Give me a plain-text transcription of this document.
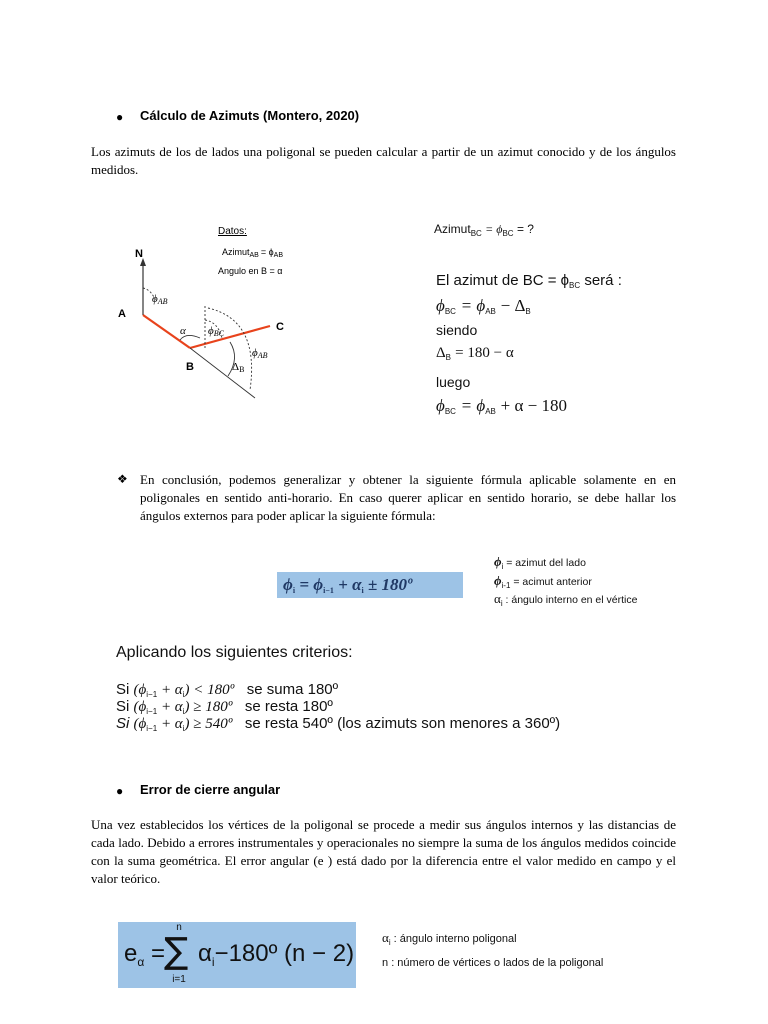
● Cálculo de Azimuts (Montero, 2020)
Los azimuts de los de lados una poligonal se pueden calcular a partir de un azimut conocido y de los ángulos medidos.
N
A
B
C
ϕAB
α ϕBC
ϕAB
ΔB
Datos:
Azimut$_{AB}$ = $\phi_{AB}$
Angulo en B = α
Azimut$_{BC}$ = $\phi_{BC}$ = ?
El azimut de BC = $\phi_{BC}$ será :
$\phi_{BC} = \phi_{AB} - \Delta_B$
siendo
$\Delta_B = 180 - \alpha$
luego
$\phi_{BC} = \phi_{AB} + \alpha - 180$
❖ En conclusión, podemos generalizar y obtener la siguiente fórmula aplicable solamente en en poligonales en sentido anti-horario. En caso querer aplicar en sentido horario, se debe hallar los ángulos externos para poder aplicar la siguiente fórmula:
$\phi_i = \phi_{i-1} + \alpha_i$ ± 180º
$\phi_i$ = azimut del lado
$\phi_{i-1}$ = acimut anterior
$\alpha_i$ : ángulo interno en el vértice
Aplicando los siguientes criterios:
Si $(\phi_{i-1} + \alpha_i)$ < 180º se suma 180º
Si $(\phi_{i-1} + \alpha_i)$ ≥ 180º se resta 180º
Si $(\phi_{i-1} + \alpha_i)$ ≥ 540º se resta 540º (los azimuts son menores a 360º)
● Error de cierre angular
Una vez establecidos los vértices de la poligonal se procede a medir sus ángulos internos y las distancias de cada lado. Debido a errores instrumentales y operacionales no siempre la suma de los ángulos medidos coincide con la suma geométrica. El error angular (e ) está dado por la diferencia entre el valor medido en campo y el valor teórico.
$e_\alpha$ =
n
∑
i=1
$\alpha_i-180º$ (n − 2)
$\alpha_i$ : ángulo interno poligonal
n : número de vértices o lados de la poligonal
